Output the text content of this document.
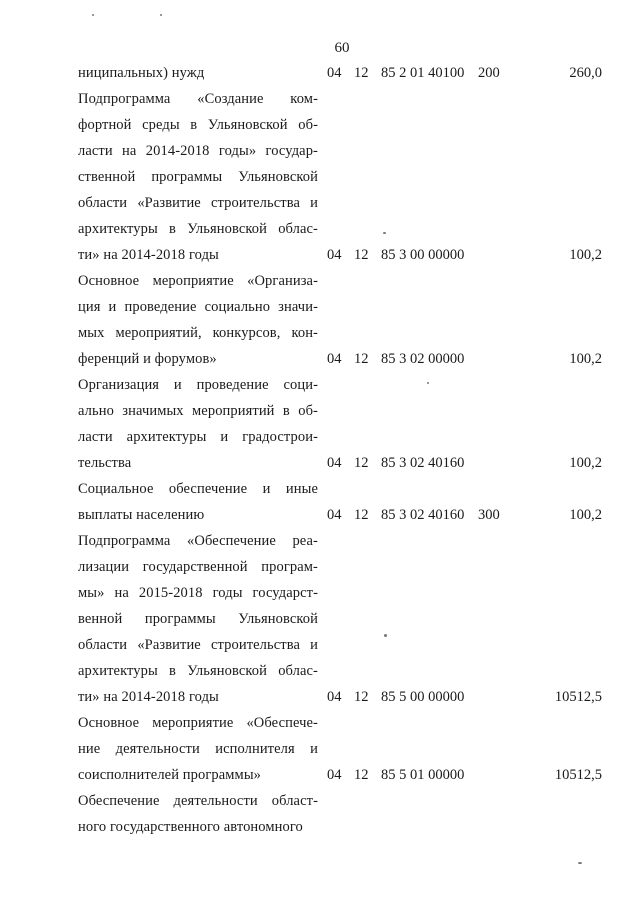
60
ниципальных) нужд	04 12 85 2 01 40100 200	260,0
Подпрограмма «Создание ком-
фортной среды в Ульяновской об-
ласти на 2014-2018 годы» государ-
ственной программы Ульяновской
области «Развитие строительства и
архитектуры в Ульяновской облас-
ти» на 2014-2018 годы	04 12 85 3 00 00000	100,2
Основное мероприятие «Организа-
ция и проведение социально значи-
мых мероприятий, конкурсов, кон-
ференций и форумов»	04 12 85 3 02 00000	100,2
Организация и проведение соци-
ально значимых мероприятий в об-
ласти архитектуры и градострои-
тельства	04 12 85 3 02 40160	100,2
Социальное обеспечение и иные
выплаты населению	04 12 85 3 02 40160 300	100,2
Подпрограмма «Обеспечение реа-
лизации государственной програм-
мы» на 2015-2018 годы государст-
венной программы Ульяновской
области «Развитие строительства и
архитектуры в Ульяновской облас-
ти» на 2014-2018 годы	04 12 85 5 00 00000	10512,5
Основное мероприятие «Обеспече-
ние деятельности исполнителя и
соисполнителей программы»	04 12 85 5 01 00000	10512,5
Обеспечение деятельности област-
ного государственного автономного
